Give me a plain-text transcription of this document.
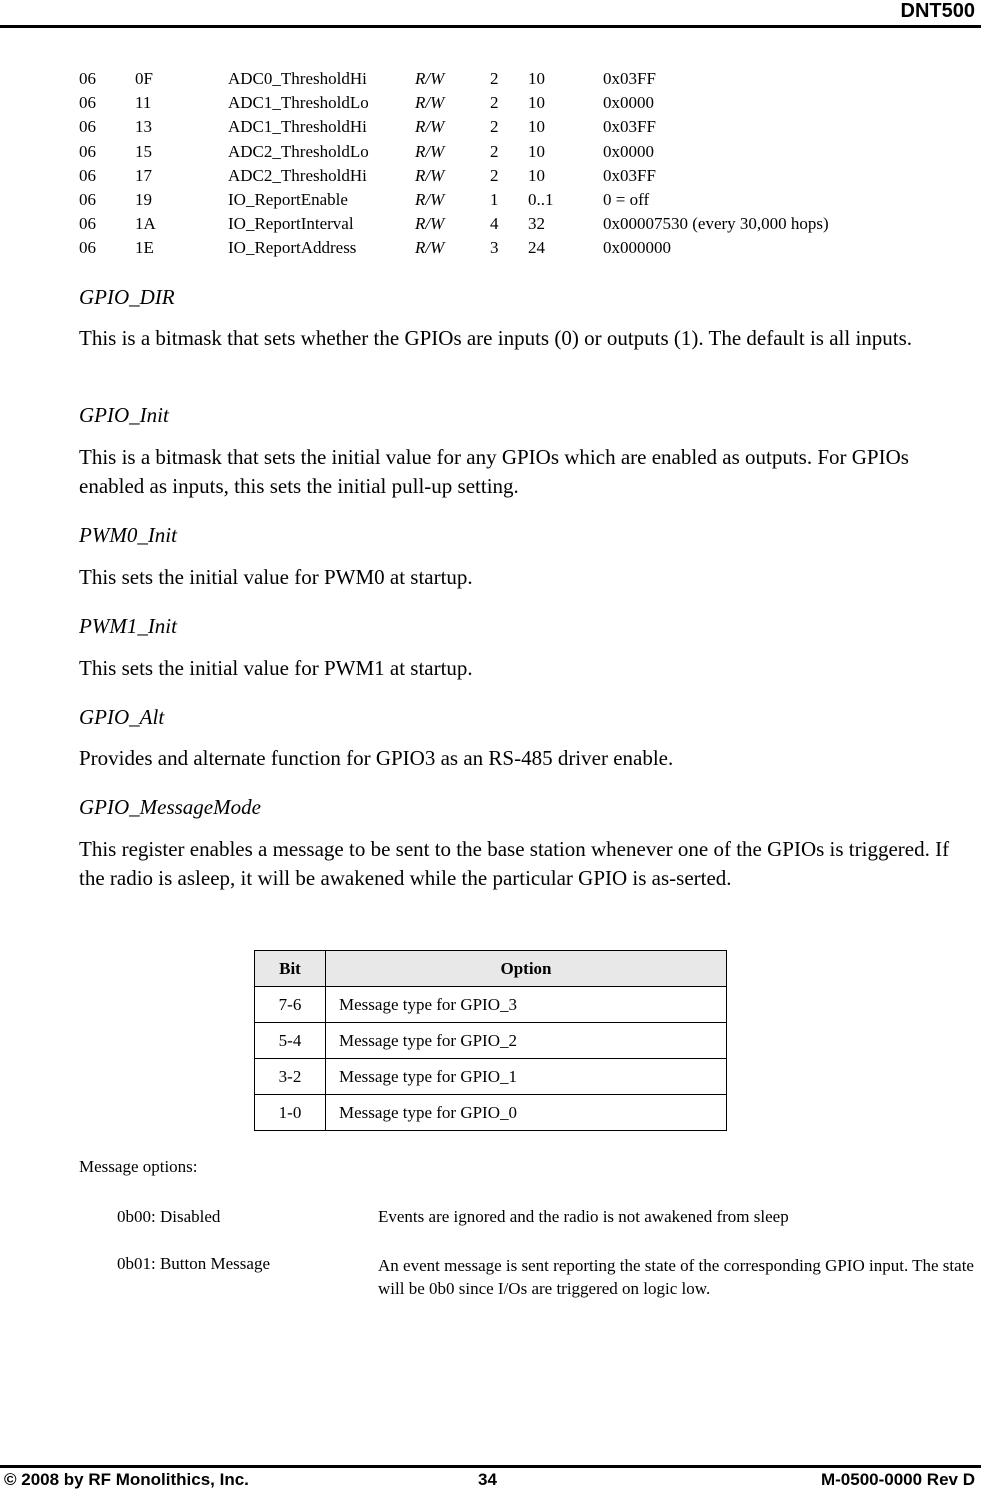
DNT500
06 0F	ADC0_ThresholdHi	R/W	2 10	0x03FF
06 11	ADC1_ThresholdLo	R/W	2 10	0x0000
06 13	ADC1_ThresholdHi	R/W	2 10	0x03FF
06 15	ADC2_ThresholdLo	R/W	2 10	0x0000
06 17	ADC2_ThresholdHi	R/W	2 10	0x03FF
06 19	IO_ReportEnable	R/W	1 0..1	0 = off
06 1A	IO_ReportInterval	R/W	4 32	0x00007530 (every 30,000 hops)
06 1E	IO_ReportAddress	R/W	3 24	0x000000
GPIO_DIR
This is a bitmask that sets whether the GPIOs are inputs (0) or outputs (1). The default is all inputs.
GPIO_Init
This is a bitmask that sets the initial value for any GPIOs which are enabled as outputs. For GPIOs enabled as inputs, this sets the initial pull-up setting.
PWM0_Init
This sets the initial value for PWM0 at startup.
PWM1_Init
This sets the initial value for PWM1 at startup.
GPIO_Alt
Provides and alternate function for GPIO3 as an RS-485 driver enable.
GPIO_MessageMode
This register enables a message to be sent to the base station whenever one of the GPIOs is triggered. If the radio is asleep, it will be awakened while the particular GPIO is as-serted.
Bit	Option
7-6	Message type for GPIO_3
5-4	Message type for GPIO_2
3-2	Message type for GPIO_1
1-0	Message type for GPIO_0
Message options:
0b00: Disabled	Events are ignored and the radio is not awakened from sleep
0b01: Button Message	An event message is sent reporting the state of the corresponding GPIO input. The state will be 0b0 since I/Os are triggered on logic low.
© 2008 by RF Monolithics, Inc.	34	M-0500-0000 Rev D
